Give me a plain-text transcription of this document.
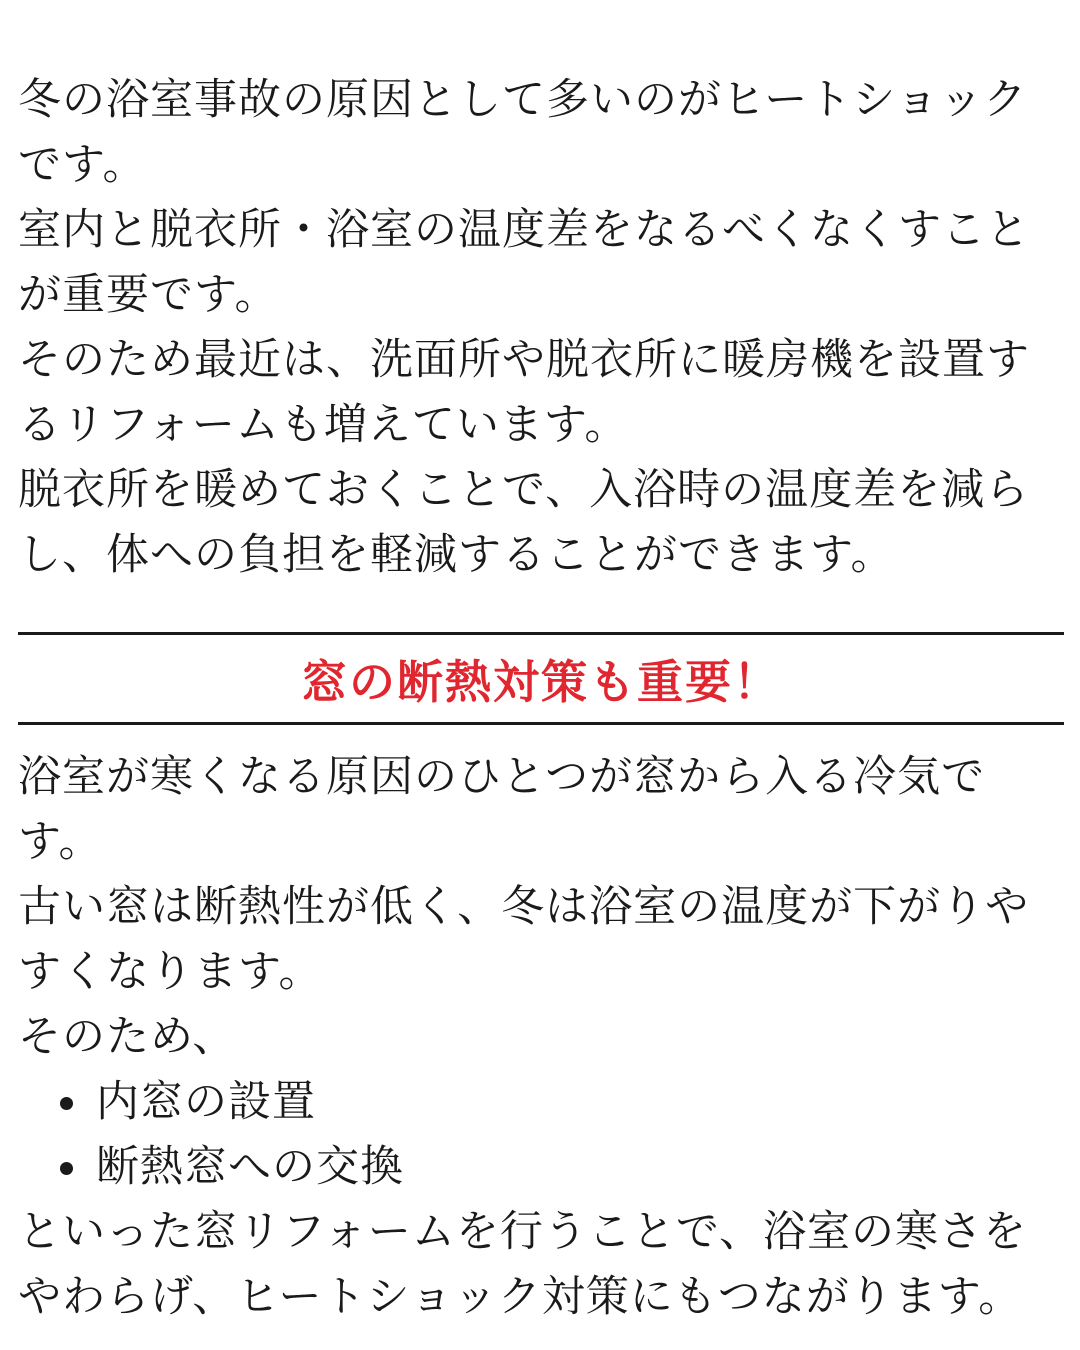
冬の浴室事故の原因として多いのがヒートショックです。

室内と脱衣所・浴室の温度差をなるべくなくすことが重要です。

そのため最近は、洗面所や脱衣所に暖房機を設置するリフォームも増えています。

脱衣所を暖めておくことで、入浴時の温度差を減らし、体への負担を軽減することができます。

窓の断熱対策も重要！

浴室が寒くなる原因のひとつが窓から入る冷気です。

古い窓は断熱性が低く、冬は浴室の温度が下がりやすくなります。

そのため、

内窓の設置
断熱窓への交換

といった窓リフォームを行うことで、浴室の寒さをやわらげ、ヒートショック対策にもつながります。
